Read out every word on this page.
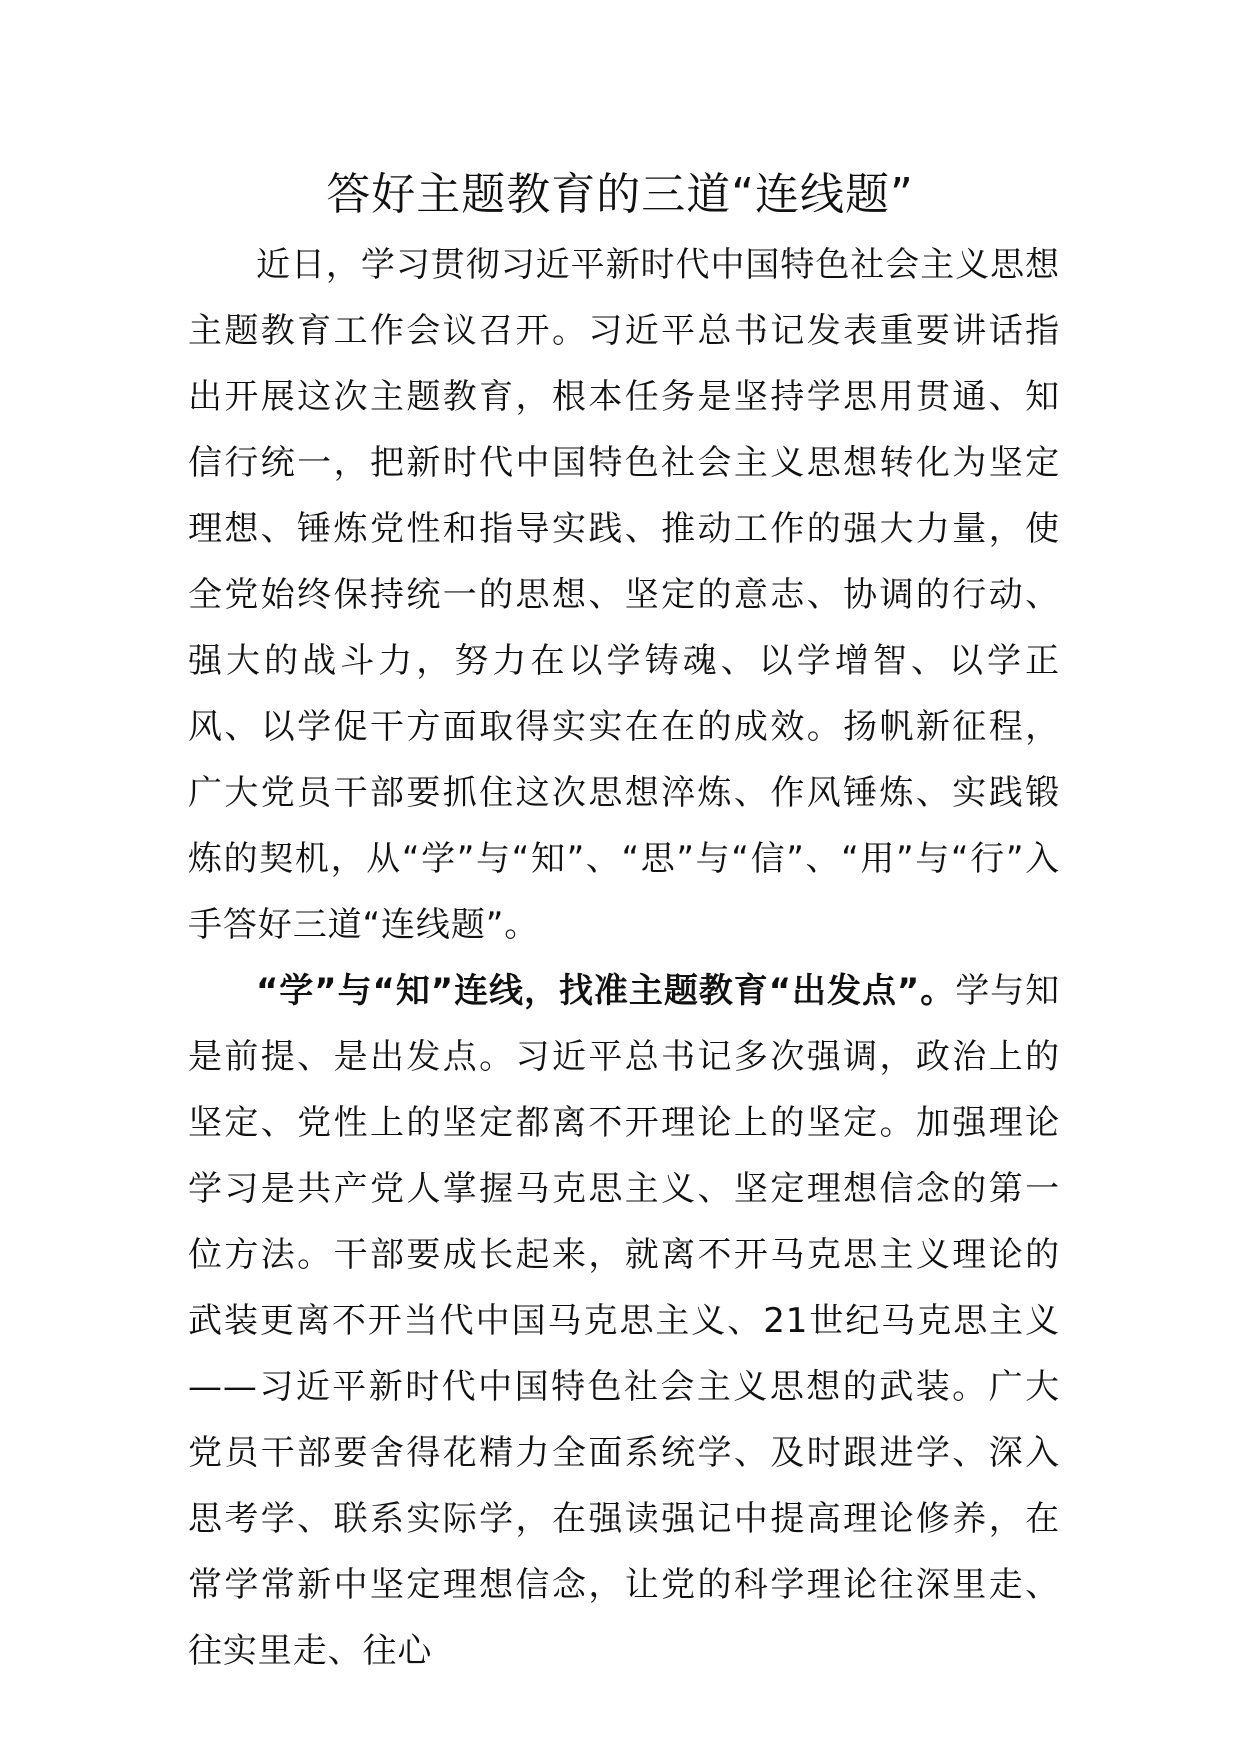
答好主题教育的三道“连线题”

近日，学习贯彻习近平新时代中国特色社会主义思想主题教育工作会议召开。习近平总书记发表重要讲话指出开展这次主题教育，根本任务是坚持学思用贯通、知信行统一，把新时代中国特色社会主义思想转化为坚定理想、锤炼党性和指导实践、推动工作的强大力量，使全党始终保持统一的思想、坚定的意志、协调的行动、强大的战斗力，努力在以学铸魂、以学增智、以学正风、以学促干方面取得实实在在的成效。扬帆新征程，广大党员干部要抓住这次思想淬炼、作风锤炼、实践锻炼的契机，从“学”与“知”、“思”与“信”、“用”与“行”入手答好三道“连线题”。

“学”与“知”连线，找准主题教育“出发点”。学与知是前提、是出发点。习近平总书记多次强调，政治上的坚定、党性上的坚定都离不开理论上的坚定。加强理论学习是共产党人掌握马克思主义、坚定理想信念的第一位方法。干部要成长起来，就离不开马克思主义理论的武装更离不开当代中国马克思主义、21世纪马克思主义——习近平新时代中国特色社会主义思想的武装。广大党员干部要舍得花精力全面系统学、及时跟进学、深入思考学、联系实际学，在强读强记中提高理论修养，在常学常新中坚定理想信念，让党的科学理论往深里走、往实里走、往心
